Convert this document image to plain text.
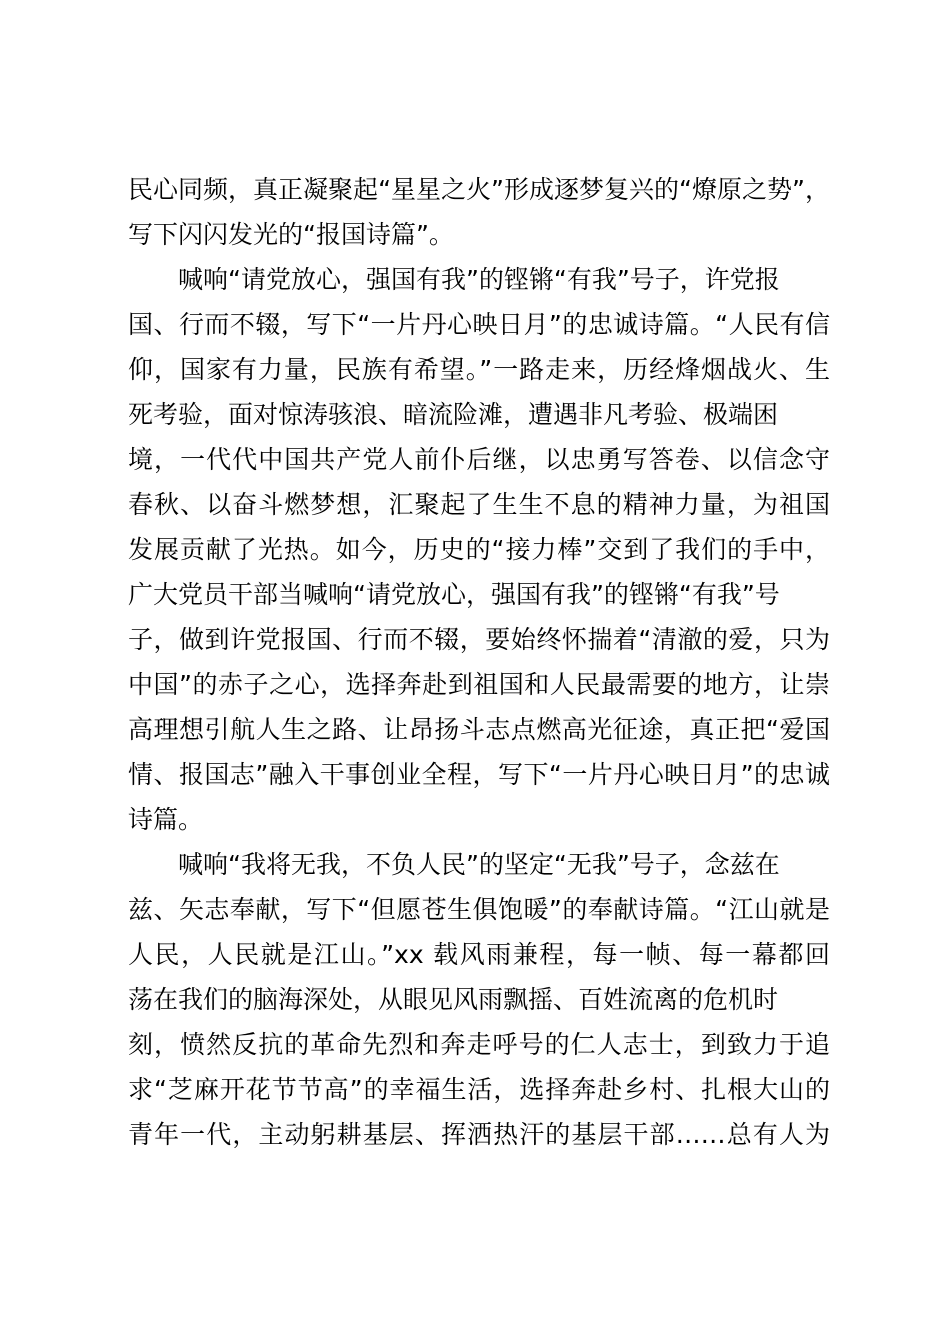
民心同频，真正凝聚起“星星之火”形成逐梦复兴的“燎原之势”，
写下闪闪发光的“报国诗篇”。
喊响“请党放心，强国有我”的铿锵“有我”号子，许党报
国、行而不辍，写下“一片丹心映日月”的忠诚诗篇。“人民有信
仰，国家有力量，民族有希望。”一路走来，历经烽烟战火、生
死考验，面对惊涛骇浪、暗流险滩，遭遇非凡考验、极端困
境，一代代中国共产党人前仆后继，以忠勇写答卷、以信念守
春秋、以奋斗燃梦想，汇聚起了生生不息的精神力量，为祖国
发展贡献了光热。如今，历史的“接力棒”交到了我们的手中，
广大党员干部当喊响“请党放心，强国有我”的铿锵“有我”号
子，做到许党报国、行而不辍，要始终怀揣着“清澈的爱，只为
中国”的赤子之心，选择奔赴到祖国和人民最需要的地方，让崇
高理想引航人生之路、让昂扬斗志点燃高光征途，真正把“爱国
情、报国志”融入干事创业全程，写下“一片丹心映日月”的忠诚
诗篇。
喊响“我将无我，不负人民”的坚定“无我”号子，念兹在
兹、矢志奉献，写下“但愿苍生俱饱暖”的奉献诗篇。“江山就是
人民，人民就是江山。”xx 载风雨兼程，每一帧、每一幕都回
荡在我们的脑海深处，从眼见风雨飘摇、百姓流离的危机时
刻，愤然反抗的革命先烈和奔走呼号的仁人志士，到致力于追
求“芝麻开花节节高”的幸福生活，选择奔赴乡村、扎根大山的
青年一代，主动躬耕基层、挥洒热汗的基层干部……总有人为
